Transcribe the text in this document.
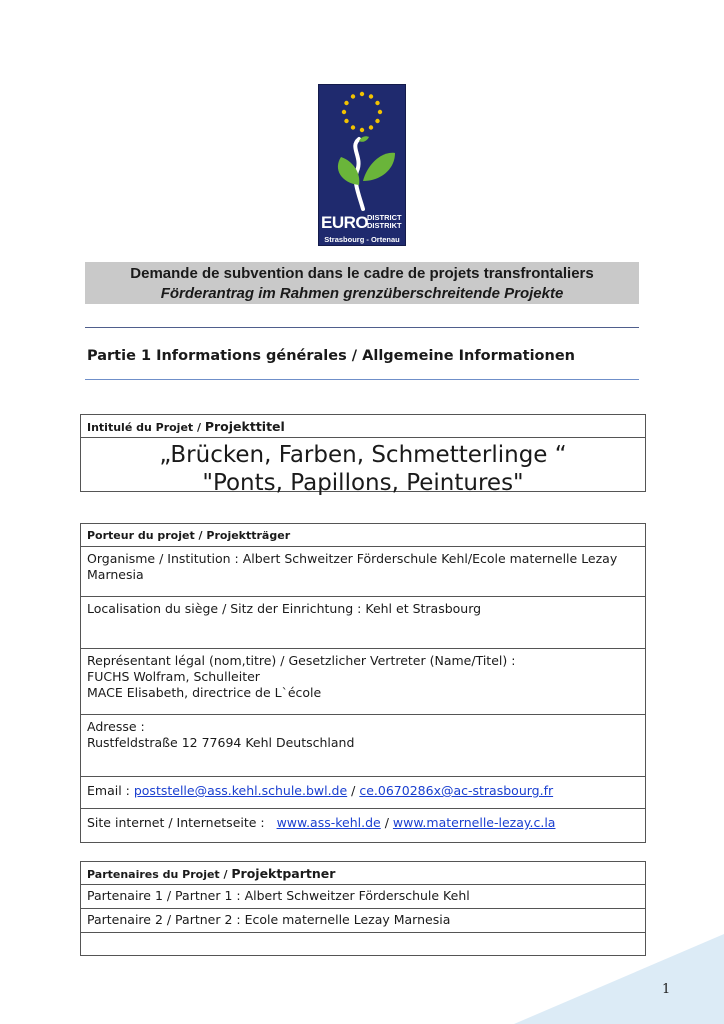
EURO
DISTRICT
DISTRIKT
Strasbourg - Ortenau
Demande de subvention dans le cadre de projets transfrontaliers
Förderantrag im Rahmen grenzüberschreitende Projekte
Partie 1 Informations générales / Allgemeine Informationen
Intitulé du Projet / Projekttitel
„Brücken, Farben, Schmetterlinge “
"Ponts, Papillons, Peintures"
Porteur du projet / Projektträger
Organisme / Institution : Albert Schweitzer Förderschule Kehl/Ecole maternelle Lezay
Marnesia
Localisation du siège / Sitz der Einrichtung : Kehl et Strasbourg
Représentant légal (nom,titre) / Gesetzlicher Vertreter (Name/Titel) :
FUCHS Wolfram, Schulleiter
MACE Elisabeth, directrice de L`école
Adresse :
Rustfeldstraße 12 77694 Kehl Deutschland
Email : poststelle@ass.kehl.schule.bwl.de / ce.0670286x@ac-strasbourg.fr
Site internet / Internetseite :   www.ass-kehl.de / www.maternelle-lezay.c.la
Partenaires du Projet / Projektpartner
Partenaire 1 / Partner 1 : Albert Schweitzer Förderschule Kehl
Partenaire 2 / Partner 2 : Ecole maternelle Lezay Marnesia
1
